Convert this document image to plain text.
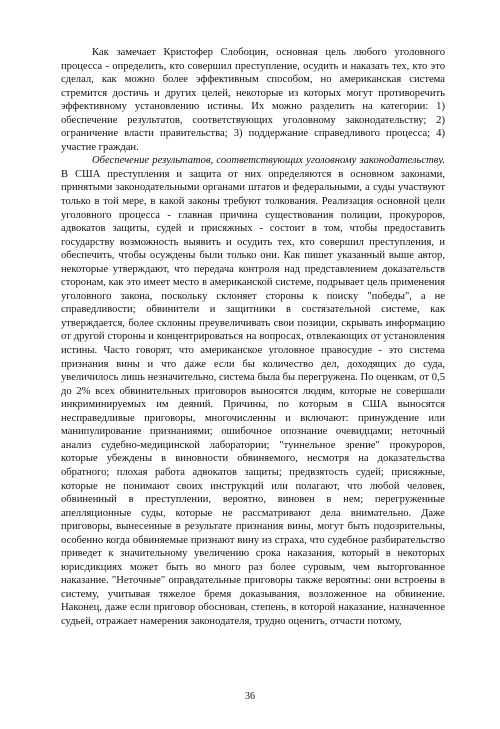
Как замечает Кристофер Слобоцин, основная цель любого уголовного процесса - определить, кто совершил преступление, осудить и наказать тех, кто это сделал, как можно более эффективным способом, но американская система стремится достичь и других целей, некоторые из которых могут противоречить эффективному установлению истины. Их можно разделить на категории: 1) обеспечение результатов, соответствующих уголовному законодательству; 2) ограничение власти правительства; 3) поддержание справедливого процесса; 4) участие граждан.

Обеспечение результатов, соответствующих уголовному законодательству. В США преступления и защита от них определяются в основном законами, принятыми законодательными органами штатов и федеральными, а суды участвуют только в той мере, в какой законы требуют толкования. Реализация основной цели уголовного процесса - главная причина существования полиции, прокуроров, адвокатов защиты, судей и присяжных - состоит в том, чтобы предоставить государству возможность выявить и осудить тех, кто совершил преступления, и обеспечить, чтобы осуждены были только они. Как пишет указанный выше автор, некоторые утверждают, что передача контроля над представлением доказательств сторонам, как это имеет место в американской системе, подрывает цель применения уголовного закона, поскольку склоняет стороны к поиску "победы", а не справедливости; обвинители и защитники в состязательной системе, как утверждается, более склонны преувеличивать свои позиции, скрывать информацию от другой стороны и концентрироваться на вопросах, отвлекающих от установления истины. Часто говорят, что американское уголовное правосудие - это система признания вины и что даже если бы количество дел, доходящих до суда, увеличилось лишь незначительно, система была бы перегружена. По оценкам, от 0,5 до 2% всех обвинительных приговоров выносятся людям, которые не совершали инкриминируемых им деяний. Причины, по которым в США выносятся несправедливые приговоры, многочисленны и включают: принуждение или манипулирование признаниями; ошибочное опознание очевидцами; неточный анализ судебно-медицинской лаборатории; "туннельное зрение" прокуроров, которые убеждены в виновности обвиняемого, несмотря на доказательства обратного; плохая работа адвокатов защиты; предвзятость судей; присяжные, которые не понимают своих инструкций или полагают, что любой человек, обвиненный в преступлении, вероятно, виновен в нем; перегруженные апелляционные суды, которые не рассматривают дела внимательно. Даже приговоры, вынесенные в результате признания вины, могут быть подозрительны, особенно когда обвиняемые признают вину из страха, что судебное разбирательство приведет к значительному увеличению срока наказания, который в некоторых юрисдикциях может быть во много раз более суровым, чем выторгованное наказание. "Неточные" оправдательные приговоры также вероятны: они встроены в систему, учитывая тяжелое бремя доказывания, возложенное на обвинение. Наконец, даже если приговор обоснован, степень, в которой наказание, назначенное судьей, отражает намерения законодателя, трудно оценить, отчасти потому,

36
